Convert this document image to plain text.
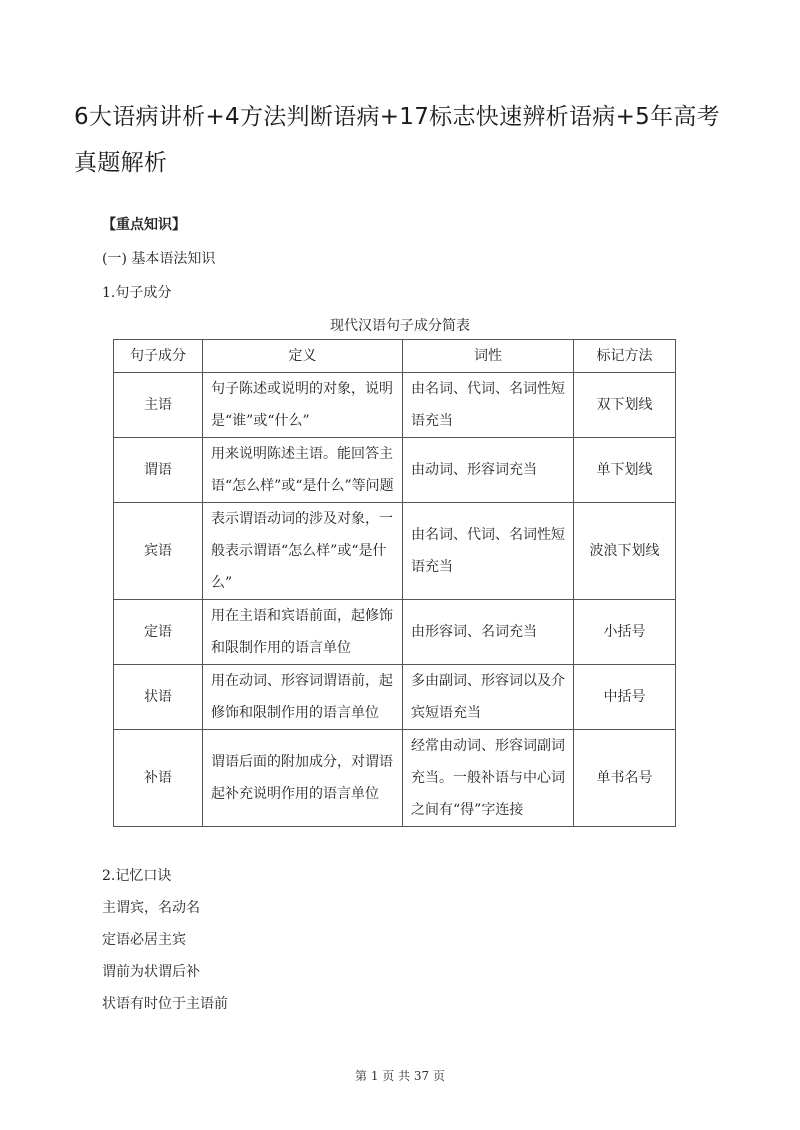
6大语病讲析+4方法判断语病+17标志快速辨析语病+5年高考真题解析
【重点知识】
(一) 基本语法知识
1.句子成分
现代汉语句子成分简表
句子成分	定义	词性	标记方法
主语	句子陈述或说明的对象，说明是“谁”或“什么”	由名词、代词、名词性短语充当	双下划线
谓语	用来说明陈述主语。能回答主语“怎么样”或“是什么”等问题	由动词、形容词充当	单下划线
宾语	表示谓语动词的涉及对象，一般表示谓语“怎么样”或“是什么”	由名词、代词、名词性短语充当	波浪下划线
定语	用在主语和宾语前面，起修饰和限制作用的语言单位	由形容词、名词充当	小括号
状语	用在动词、形容词谓语前，起修饰和限制作用的语言单位	多由副词、形容词以及介宾短语充当	中括号
补语	谓语后面的附加成分，对谓语起补充说明作用的语言单位	经常由动词、形容词副词充当。一般补语与中心词之间有“得”字连接	单书名号
2.记忆口诀
主谓宾，名动名
定语必居主宾
谓前为状谓后补
状语有时位于主语前
第 1 页 共 37 页
